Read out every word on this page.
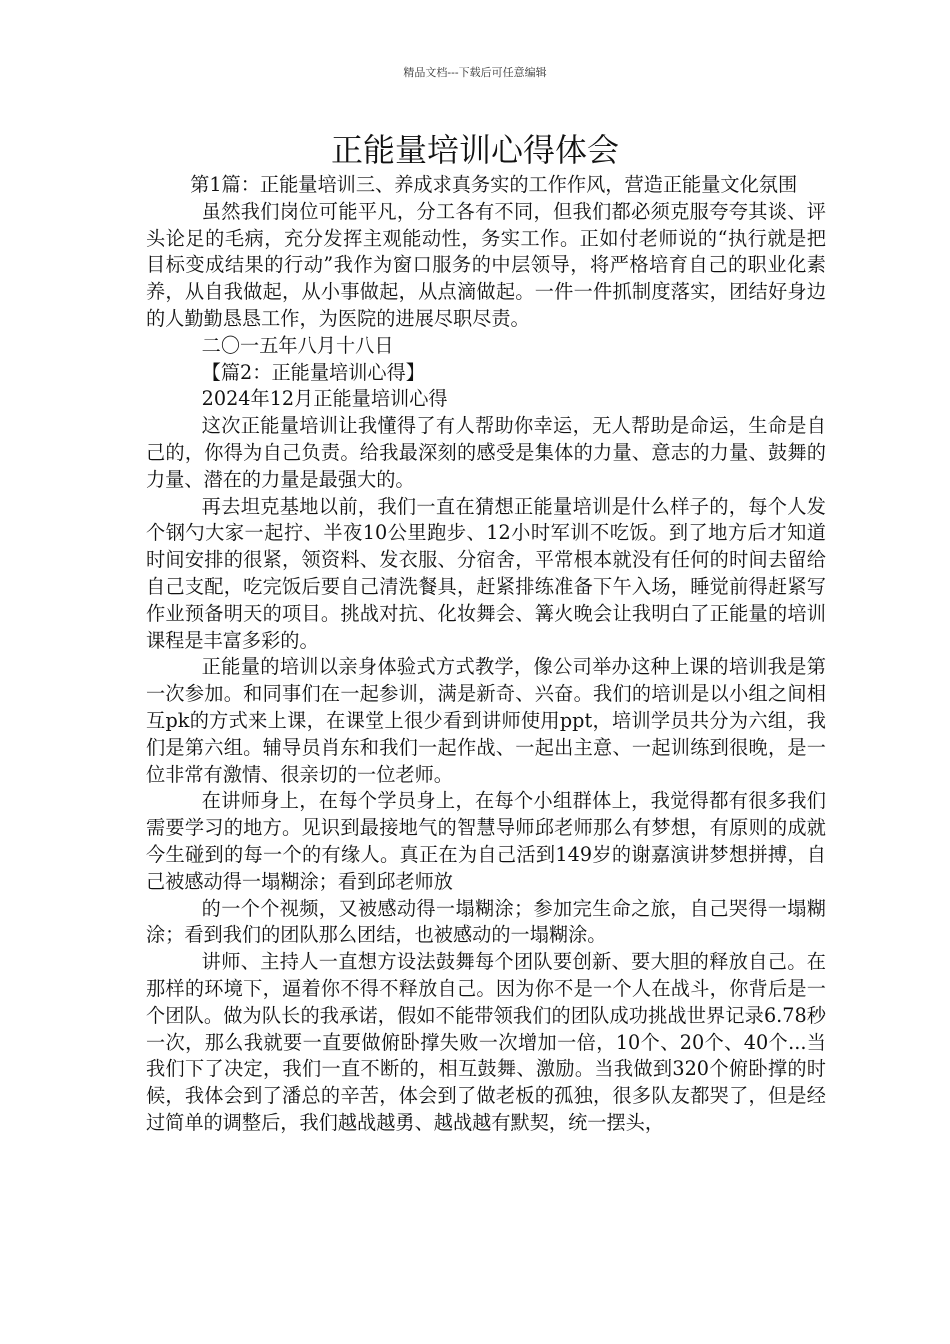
精品文档---下载后可任意编辑
正能量培训心得体会

第1篇：正能量培训三、养成求真务实的工作作风，营造正能量文化氛围

虽然我们岗位可能平凡，分工各有不同，但我们都必须克服夸夸其谈、评头论足的毛病，充分发挥主观能动性，务实工作。正如付老师说的“执行就是把目标变成结果的行动”我作为窗口服务的中层领导，将严格培育自己的职业化素养，从自我做起，从小事做起，从点滴做起。一件一件抓制度落实，团结好身边的人勤勤恳恳工作，为医院的进展尽职尽责。

二〇一五年八月十八日

【篇2：正能量培训心得】

2024年12月正能量培训心得

这次正能量培训让我懂得了有人帮助你幸运，无人帮助是命运，生命是自己的，你得为自己负责。给我最深刻的感受是集体的力量、意志的力量、鼓舞的力量、潜在的力量是最强大的。

再去坦克基地以前，我们一直在猜想正能量培训是什么样子的，每个人发个钢勺大家一起拧、半夜10公里跑步、12小时军训不吃饭。到了地方后才知道时间安排的很紧，领资料、发衣服、分宿舍，平常根本就没有任何的时间去留给自己支配，吃完饭后要自己清洗餐具，赶紧排练准备下午入场，睡觉前得赶紧写作业预备明天的项目。挑战对抗、化妆舞会、篝火晚会让我明白了正能量的培训课程是丰富多彩的。

正能量的培训以亲身体验式方式教学，像公司举办这种上课的培训我是第一次参加。和同事们在一起参训，满是新奇、兴奋。我们的培训是以小组之间相互pk的方式来上课，在课堂上很少看到讲师使用ppt，培训学员共分为六组，我们是第六组。辅导员肖东和我们一起作战、一起出主意、一起训练到很晚，是一位非常有激情、很亲切的一位老师。

在讲师身上，在每个学员身上，在每个小组群体上，我觉得都有很多我们需要学习的地方。见识到最接地气的智慧导师邱老师那么有梦想，有原则的成就今生碰到的每一个的有缘人。真正在为自己活到149岁的谢嘉演讲梦想拼搏，自己被感动得一塌糊涂；看到邱老师放

的一个个视频，又被感动得一塌糊涂；参加完生命之旅，自己哭得一塌糊涂；看到我们的团队那么团结，也被感动的一塌糊涂。

讲师、主持人一直想方设法鼓舞每个团队要创新、要大胆的释放自己。在那样的环境下，逼着你不得不释放自己。因为你不是一个人在战斗，你背后是一个团队。做为队长的我承诺，假如不能带领我们的团队成功挑战世界记录6.78秒一次，那么我就要一直要做俯卧撑失败一次增加一倍，10个、20个、40个...当我们下了决定，我们一直不断的，相互鼓舞、激励。当我做到320个俯卧撑的时候，我体会到了潘总的辛苦，体会到了做老板的孤独，很多队友都哭了，但是经过简单的调整后，我们越战越勇、越战越有默契，统一摆头，
